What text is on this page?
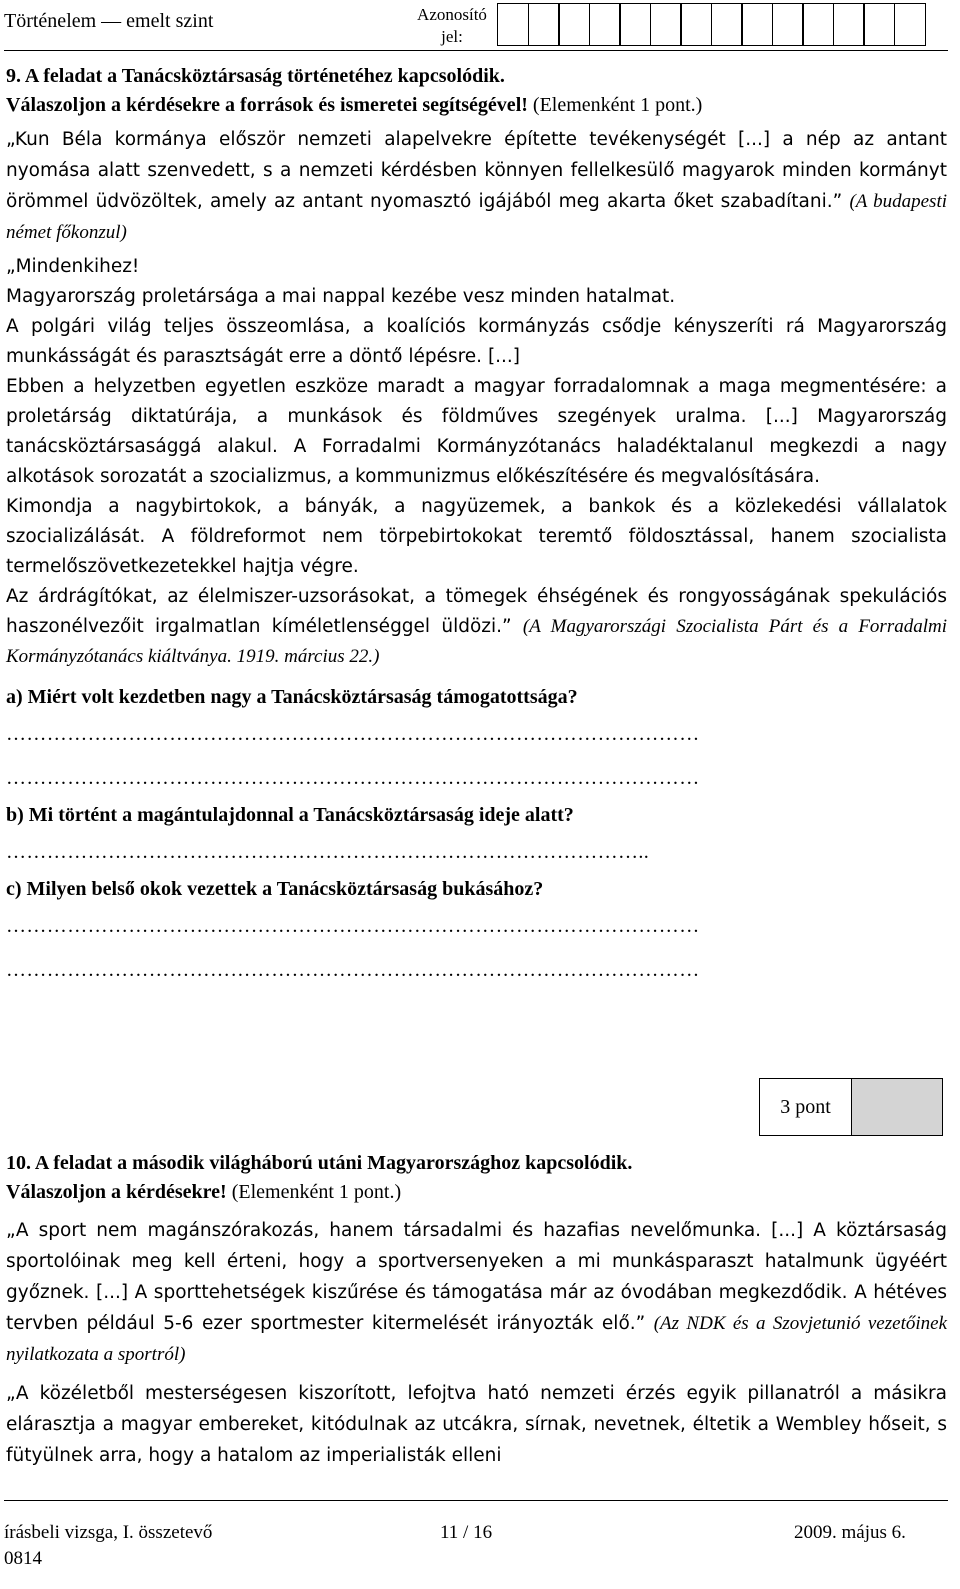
Történelem — emelt szint	Azonosító
jel:
9. A feladat a Tanácsköztársaság történetéhez kapcsolódik.
Válaszoljon a kérdésekre a források és ismeretei segítségével! (Elemenként 1 pont.)

„Kun Béla kormánya először nemzeti alapelvekre építette tevékenységét [...] a nép az antant nyomása alatt szenvedett, s a nemzeti kérdésben könnyen fellelkesülő magyarok minden kormányt örömmel üdvözöltek, amely az antant nyomasztó igájából meg akarta őket szabadítani.” (A budapesti német főkonzul)

„Mindenkihez!

Magyarország proletársága a mai nappal kezébe vesz minden hatalmat.

A polgári világ teljes összeomlása, a koalíciós kormányzás csődje kényszeríti rá Magyarország munkásságát és parasztságát erre a döntő lépésre. [...]

Ebben a helyzetben egyetlen eszköze maradt a magyar forradalomnak a maga megmentésére: a proletárság diktatúrája, a munkások és földműves szegények uralma. [...] Magyarország tanácsköztársasággá alakul. A Forradalmi Kormányzótanács haladéktalanul megkezdi a nagy alkotások sorozatát a szocializmus, a kommunizmus előkészítésére és megvalósítására.

Kimondja a nagybirtokok, a bányák, a nagyüzemek, a bankok és a közlekedési vállalatok szocializálását. A földreformot nem törpebirtokokat teremtő földosztással, hanem szocialista termelőszövetkezetekkel hajtja végre.

Az árdrágítókat, az élelmiszer-uzsorásokat, a tömegek éhségének és rongyosságának spekulációs haszonélvezőit irgalmatlan kíméletlenséggel üldözi.” (A Magyarországi Szocialista Párt és a Forradalmi Kormányzótanács kiáltványa. 1919. március 22.)

a) Miért volt kezdetben nagy a Tanácsköztársaság támogatottsága?
…………………………………………………………………………………………
…………………………………………………………………………………………
b) Mi történt a magántulajdonnal a Tanácsköztársaság ideje alatt?
…………………………………………………………………………………..
c) Milyen belső okok vezettek a Tanácsköztársaság bukásához?
…………………………………………………………………………………………
…………………………………………………………………………………………
3 pont
10. A feladat a második világháború utáni Magyarországhoz kapcsolódik.
Válaszoljon a kérdésekre! (Elemenként 1 pont.)

„A sport nem magánszórakozás, hanem társadalmi és hazafias nevelőmunka. [...] A köztársaság sportolóinak meg kell érteni, hogy a sportversenyeken a mi munkásparaszt hatalmunk ügyéért győznek. [...] A sporttehetségek kiszűrése és támogatása már az óvodában megkezdődik. A hétéves tervben például 5-6 ezer sportmester kitermelését irányozták elő.” (Az NDK és a Szovjetunió vezetőinek nyilatkozata a sportról)

„A közéletből mesterségesen kiszorított, lefojtva ható nemzeti érzés egyik pillanatról a másikra elárasztja a magyar embereket, kitódulnak az utcákra, sírnak, nevetnek, éltetik a Wembley hőseit, s fütyülnek arra, hogy a hatalom az imperialisták elleni

írásbeli vizsga, I. összetevő	11 / 16	2009. május 6.
0814
